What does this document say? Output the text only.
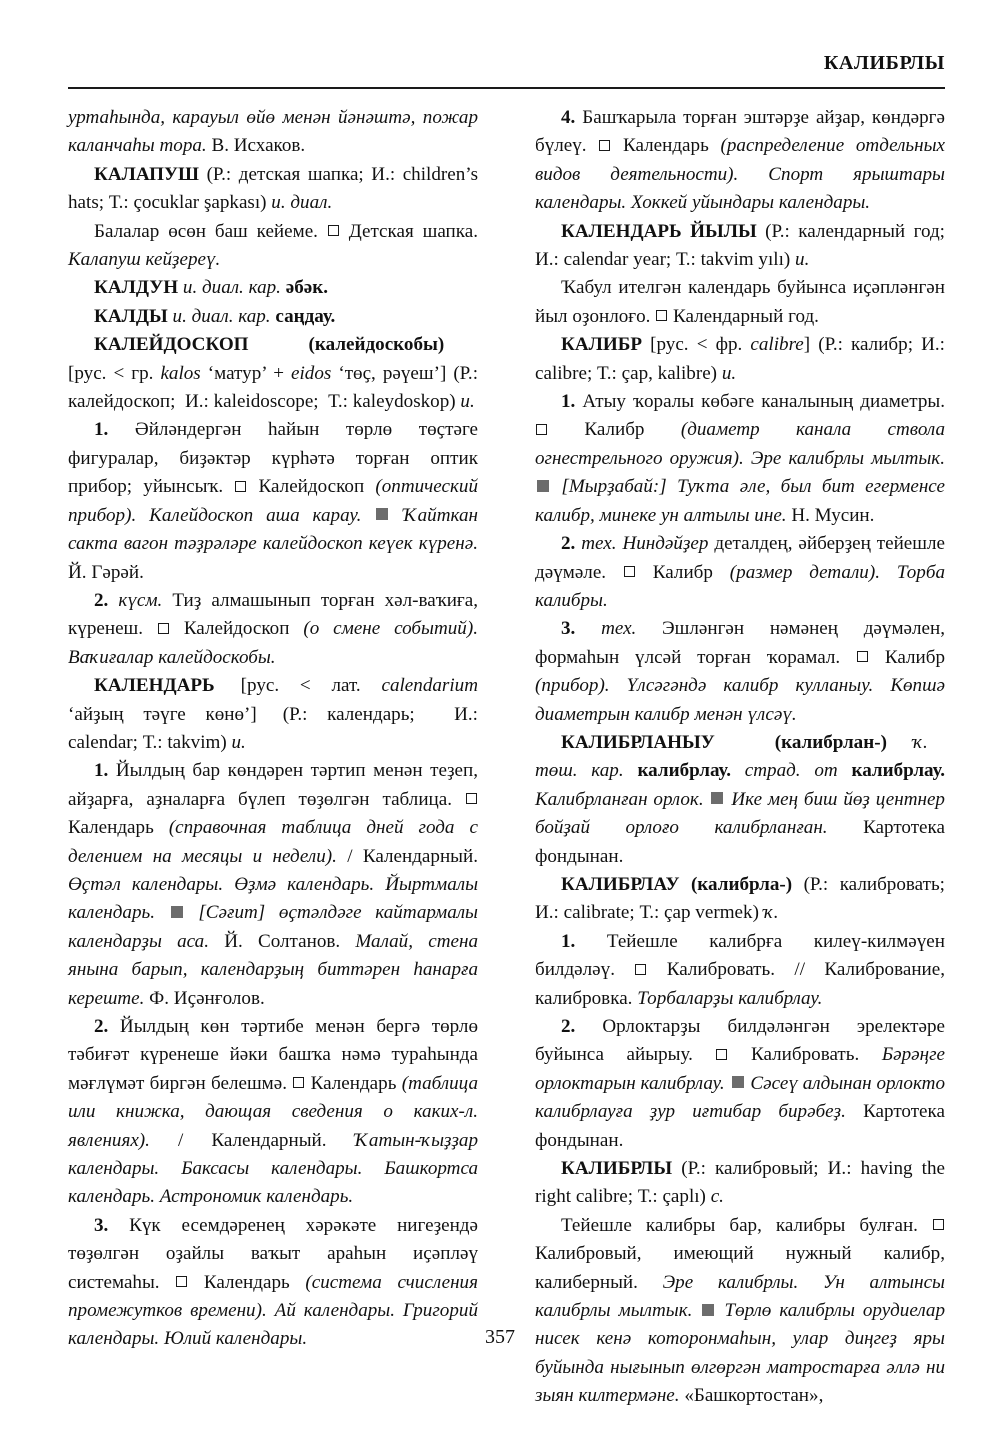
КАЛИБРЛЫ

уртаһында, карауыл өйө менән йәнәштә, пожар каланчаһы тора. В. Исхаков.

КАЛАПУШ (Р.: детская шапка; И.: children’s hats; Т.: çocuklar şapkası) и. диал.

Балалар өсөн баш кейеме.  Детская шапка. Калапуш кейҙереү.

КАЛДУН и. диал. кар. әбәк.

КАЛДЫ и. диал. кар. саңдау.

КАЛЕЙДОСКОП	(калейдоскобы) [рус. < гр. kalos ‘матур’ + eidos ‘төҫ, рәүеш’] (Р.: калейдоскоп;  И.: kaleidoscope;  Т.: kaleydoskop) и.

1. Әйләндергән һайын төрлө төҫтәге фигуралар, биҙәктәр күрһәтә торған оптик прибор; уйынсыҡ.  Калейдоскоп (оптический прибор). Калейдоскоп аша карау. Ҡайткан сакта вагон тәҙрәләре калейдоскоп кеүек күренә. Й. Гәрәй.

2. күсм. Тиҙ алмашынып торған хәл-ваҡиға, күренеш.  Калейдоскоп (о смене событий). Ваҡиғалар калейдоскобы.

КАЛЕНДАРЬ [рус. < лат. calendarium ‘айҙың тәүге көнө’] (Р.: календарь;  И.: calendar; Т.: takvim) и.

1. Йылдың бар көндәрен тәртип менән теҙеп, айҙарға, аҙналарға бүлеп төҙөлгән таблица.  Календарь (справочная таблица дней года с делением на месяцы и недели). / Календарный. Өҫтәл календары. Өҙмә календарь. Йыртмалы календарь. [Сәғит] өҫтәлдәге кайтармалы календарҙы аса. Й. Солтанов. Малай, стена янына барып, календарҙың биттәрен һанарға кереште. Ф. Иҫәнғолов.

2. Йылдың көн тәртибе менән бергә төрлө тәбиғәт күренеше йәки башҡа нәмә тураһында мәғлүмәт биргән белешмә.  Календарь (таблица или книжка, дающая сведения о каких-л. явлениях). / Календарный. Ҡатын-ҡыҙҙар календары. Баксасы календары. Башкортса календарь. Астрономик календарь.

3. Күк есемдәренең хәрәкәте нигеҙендә төҙөлгән оҙайлы ваҡыт араһын иҫәпләү системаһы.  Календарь (система счисления промежутков времени). Ай календары. Григорий календары. Юлий календары.

4. Башҡарыла торған эштәрҙе айҙар, көндәргә бүлеү.  Календарь (распределение отдельных видов деятельности). Спорт ярыштары календары. Хоккей уйындары календары.

КАЛЕНДАРЬ ЙЫЛЫ (Р.: календарный год; И.: calendar year; Т.: takvim yılı) и.

Ҡабул ителгән календарь буйынса иҫәпләнгән йыл оҙонлоғо.  Календарный год.

КАЛИБР [рус. < фр. calibre] (Р.: калибр; И.: calibre; Т.: çap, kalibre) и.

1. Атыу ҡоралы көбәге каналының диаметры.  Калибр (диаметр канала ствола огнестрельного оружия). Эре калибрлы мылтык.  [Мырҙабай:] Туҡта әле, был бит егерменсе калибр, минеке ун алтылы ине. Н. Мусин.

2. тех. Ниндәйҙер деталдең, әйберҙең тейешле дәүмәле.  Калибр (размер детали). Торба калибры.

3. тех. Эшләнгән нәмәнең дәүмәлен, формаһын үлсәй торған ҡорамал.  Калибр (прибор). Үлсәгәндә калибр кулланыу. Көпшә диаметрын калибр менән үлсәү.

КАЛИБРЛАНЫУ	(калибрлан-) ҡ. төш. кар. калибрлау. страд. от калибрлау. Калибрланған орлок. Ике мең биш йөҙ центнер бойҙай орлоғо калибрланған. Картотека фондынан.

КАЛИБРЛАУ (калибрла-) (Р.: калибровать; И.: calibrate; Т.: çap vermek) ҡ.

1. Тейешле калибрға килеү-килмәүен билдәләү.  Калибровать. // Калибрование, калибровка. Торбаларҙы калибрлау.

2. Орлоктарҙы билдәләнгән эрелектәре буйынса айырыу.  Калибровать. Бәрәңге орлоктарын калибрлау. Сәсеү алдынан орлокто калибрлауға ҙур иғтибар бирәбеҙ. Картотека фондынан.

КАЛИБРЛЫ (Р.: калибровый; И.: having the right calibre; Т.: çaplı) с.

Тейешле калибры бар, калибры булған.  Калибровый, имеющий нужный калибр, калиберный. Эре калибрлы. Ун алтынсы калибрлы мылтык. Төрлө калибрлы орудиелар нисек кенә которонмаһын, улар диңгеҙ яры буйында нығынып өлгөргән матростарға әллә ни зыян килтермәне. «Башкортостан»,

357
